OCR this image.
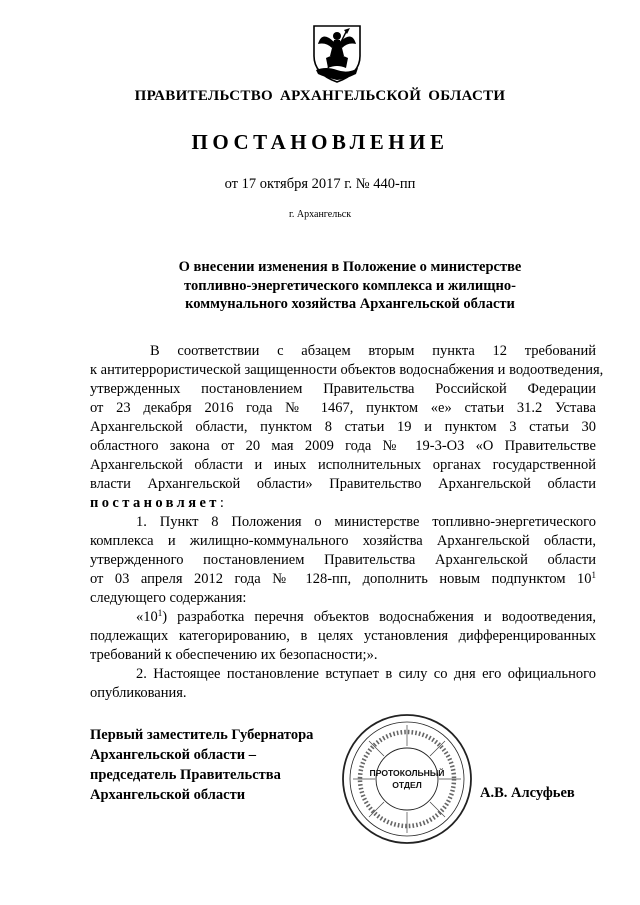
ПРАВИТЕЛЬСТВО АРХАНГЕЛЬСКОЙ ОБЛАСТИ
ПОСТАНОВЛЕНИЕ
от 17 октября 2017 г. № 440-пп
г. Архангельск
О внесении изменения в Положение о министерстве
топливно-энергетического комплекса и жилищно-
коммунального хозяйства Архангельской области
В соответствии с абзацем вторым пункта 12 требований
к антитеррористической защищенности объектов водоснабжения и водоотведения,
утвержденных постановлением Правительства Российской Федерации
от 23 декабря 2016 года № 1467, пунктом «е» статьи 31.2 Устава
Архангельской области, пунктом 8 статьи 19 и пунктом 3 статьи 30
областного закона от 20 мая 2009 года № 19-3-ОЗ «О Правительстве
Архангельской области и иных исполнительных органах государственной
власти Архангельской области» Правительство Архангельской области
постановляет:
1. Пункт 8 Положения о министерстве топливно-энергетического
комплекса и жилищно-коммунального хозяйства Архангельской области,
утвержденного постановлением Правительства Архангельской области
от 03 апреля 2012 года № 128-пп, дополнить новым подпунктом $10^1$
следующего содержания:
«$10^1$) разработка перечня объектов водоснабжения и водоотведения,
подлежащих категорированию, в целях установления дифференцированных
требований к обеспечению их безопасности;».
2. Настоящее постановление вступает в силу со дня его официального
опубликования.
Первый заместитель Губернатора
Архангельской области –
председатель Правительства
Архангельской области
ПРОТОКОЛЬНЫЙ
ОТДЕЛ	А.В. Алсуфьев
